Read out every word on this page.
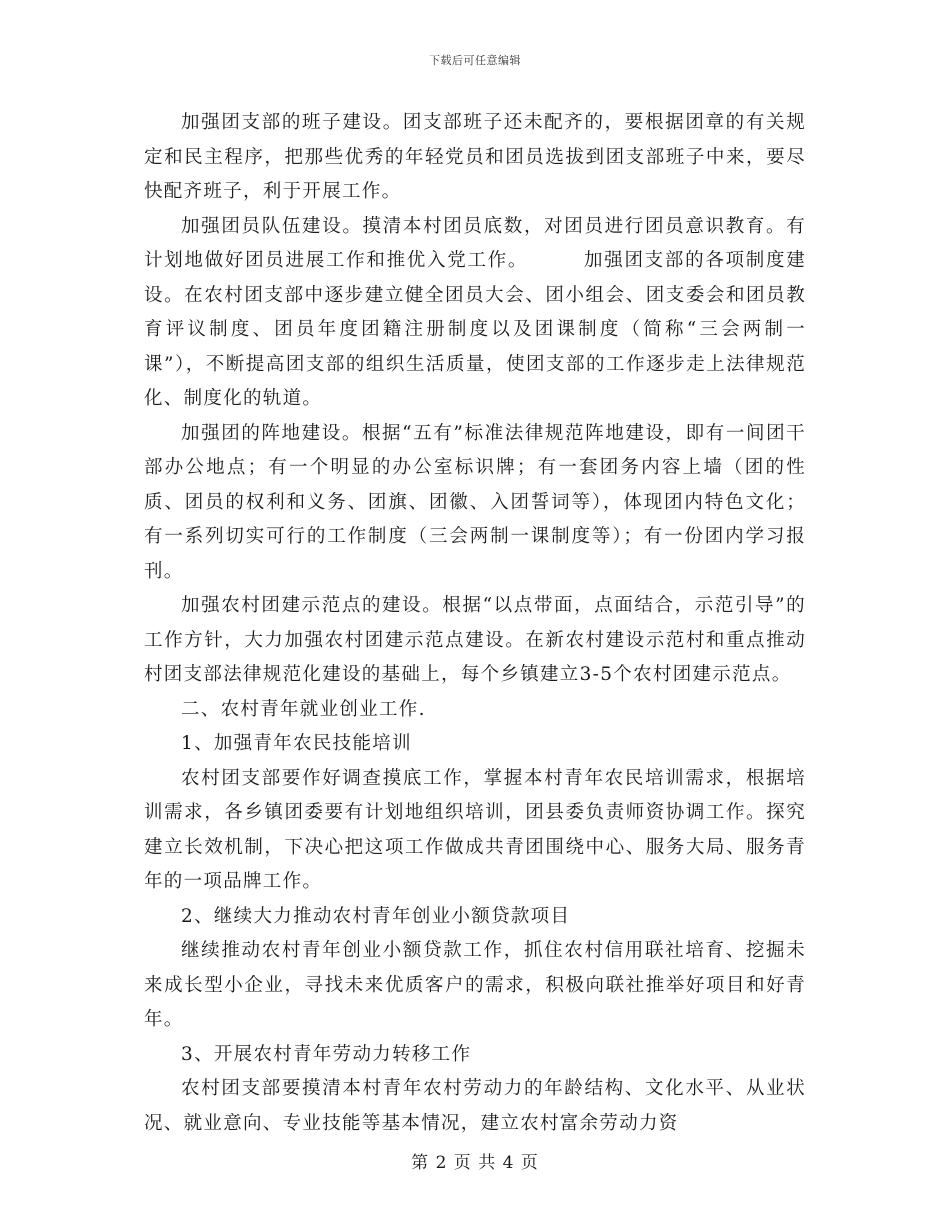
下载后可任意编辑

加强团支部的班子建设。团支部班子还未配齐的，要根据团章的有关规定和民主程序，把那些优秀的年轻党员和团员选拔到团支部班子中来，要尽快配齐班子，利于开展工作。

加强团员队伍建设。摸清本村团员底数，对团员进行团员意识教育。有计划地做好团员进展工作和推优入党工作。	加强团支部的各项制度建设。在农村团支部中逐步建立健全团员大会、团小组会、团支委会和团员教育评议制度、团员年度团籍注册制度以及团课制度（简称“三会两制一课”），不断提高团支部的组织生活质量，使团支部的工作逐步走上法律规范化、制度化的轨道。

加强团的阵地建设。根据“五有”标准法律规范阵地建设，即有一间团干部办公地点；有一个明显的办公室标识牌；有一套团务内容上墙（团的性质、团员的权利和义务、团旗、团徽、入团誓词等），体现团内特色文化；有一系列切实可行的工作制度（三会两制一课制度等）；有一份团内学习报刊。

加强农村团建示范点的建设。根据“以点带面，点面结合，示范引导”的工作方针，大力加强农村团建示范点建设。在新农村建设示范村和重点推动村团支部法律规范化建设的基础上，每个乡镇建立3-5个农村团建示范点。

二、农村青年就业创业工作.

1、加强青年农民技能培训

农村团支部要作好调查摸底工作，掌握本村青年农民培训需求，根据培训需求，各乡镇团委要有计划地组织培训，团县委负责师资协调工作。探究建立长效机制，下决心把这项工作做成共青团围绕中心、服务大局、服务青年的一项品牌工作。

2、继续大力推动农村青年创业小额贷款项目

继续推动农村青年创业小额贷款工作，抓住农村信用联社培育、挖掘未来成长型小企业，寻找未来优质客户的需求，积极向联社推举好项目和好青年。

3、开展农村青年劳动力转移工作

农村团支部要摸清本村青年农村劳动力的年龄结构、文化水平、从业状况、就业意向、专业技能等基本情况，建立农村富余劳动力资

第 2 页 共 4 页
